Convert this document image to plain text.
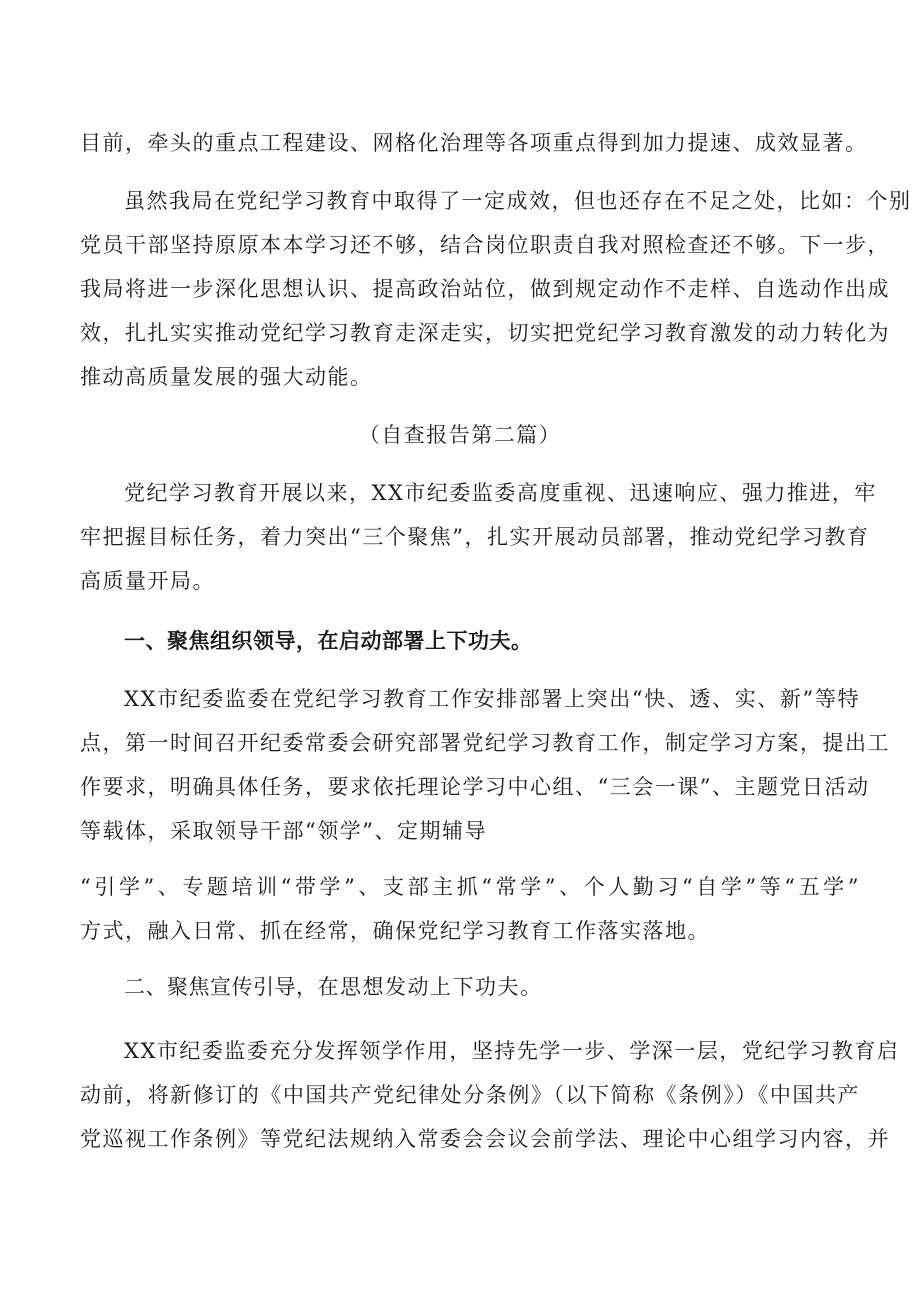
目前，牵头的重点工程建设、网格化治理等各项重点得到加力提速、成效显著。
虽然我局在党纪学习教育中取得了一定成效，但也还存在不足之处，比如：个别
党员干部坚持原原本本学习还不够，结合岗位职责自我对照检查还不够。下一步，
我局将进一步深化思想认识、提高政治站位，做到规定动作不走样、自选动作出成
效，扎扎实实推动党纪学习教育走深走实，切实把党纪学习教育激发的动力转化为
推动高质量发展的强大动能。
（自查报告第二篇）
党纪学习教育开展以来，XX市纪委监委高度重视、迅速响应、强力推进，牢
牢把握目标任务，着力突出“三个聚焦”，扎实开展动员部署，推动党纪学习教育
高质量开局。
一、聚焦组织领导，在启动部署上下功夫。
XX市纪委监委在党纪学习教育工作安排部署上突出“快、透、实、新”等特
点，第一时间召开纪委常委会研究部署党纪学习教育工作，制定学习方案，提出工
作要求，明确具体任务，要求依托理论学习中心组、“三会一课”、主题党日活动
等载体，采取领导干部“领学”、定期辅导
“引学”、专题培训“带学”、支部主抓“常学”、个人勤习“自学”等“五学”
方式，融入日常、抓在经常，确保党纪学习教育工作落实落地。
二、聚焦宣传引导，在思想发动上下功夫。
XX市纪委监委充分发挥领学作用，坚持先学一步、学深一层，党纪学习教育启
动前，将新修订的《中国共产党纪律处分条例》（以下简称《条例》）《中国共产
党巡视工作条例》等党纪法规纳入常委会会议会前学法、理论中心组学习内容，并
